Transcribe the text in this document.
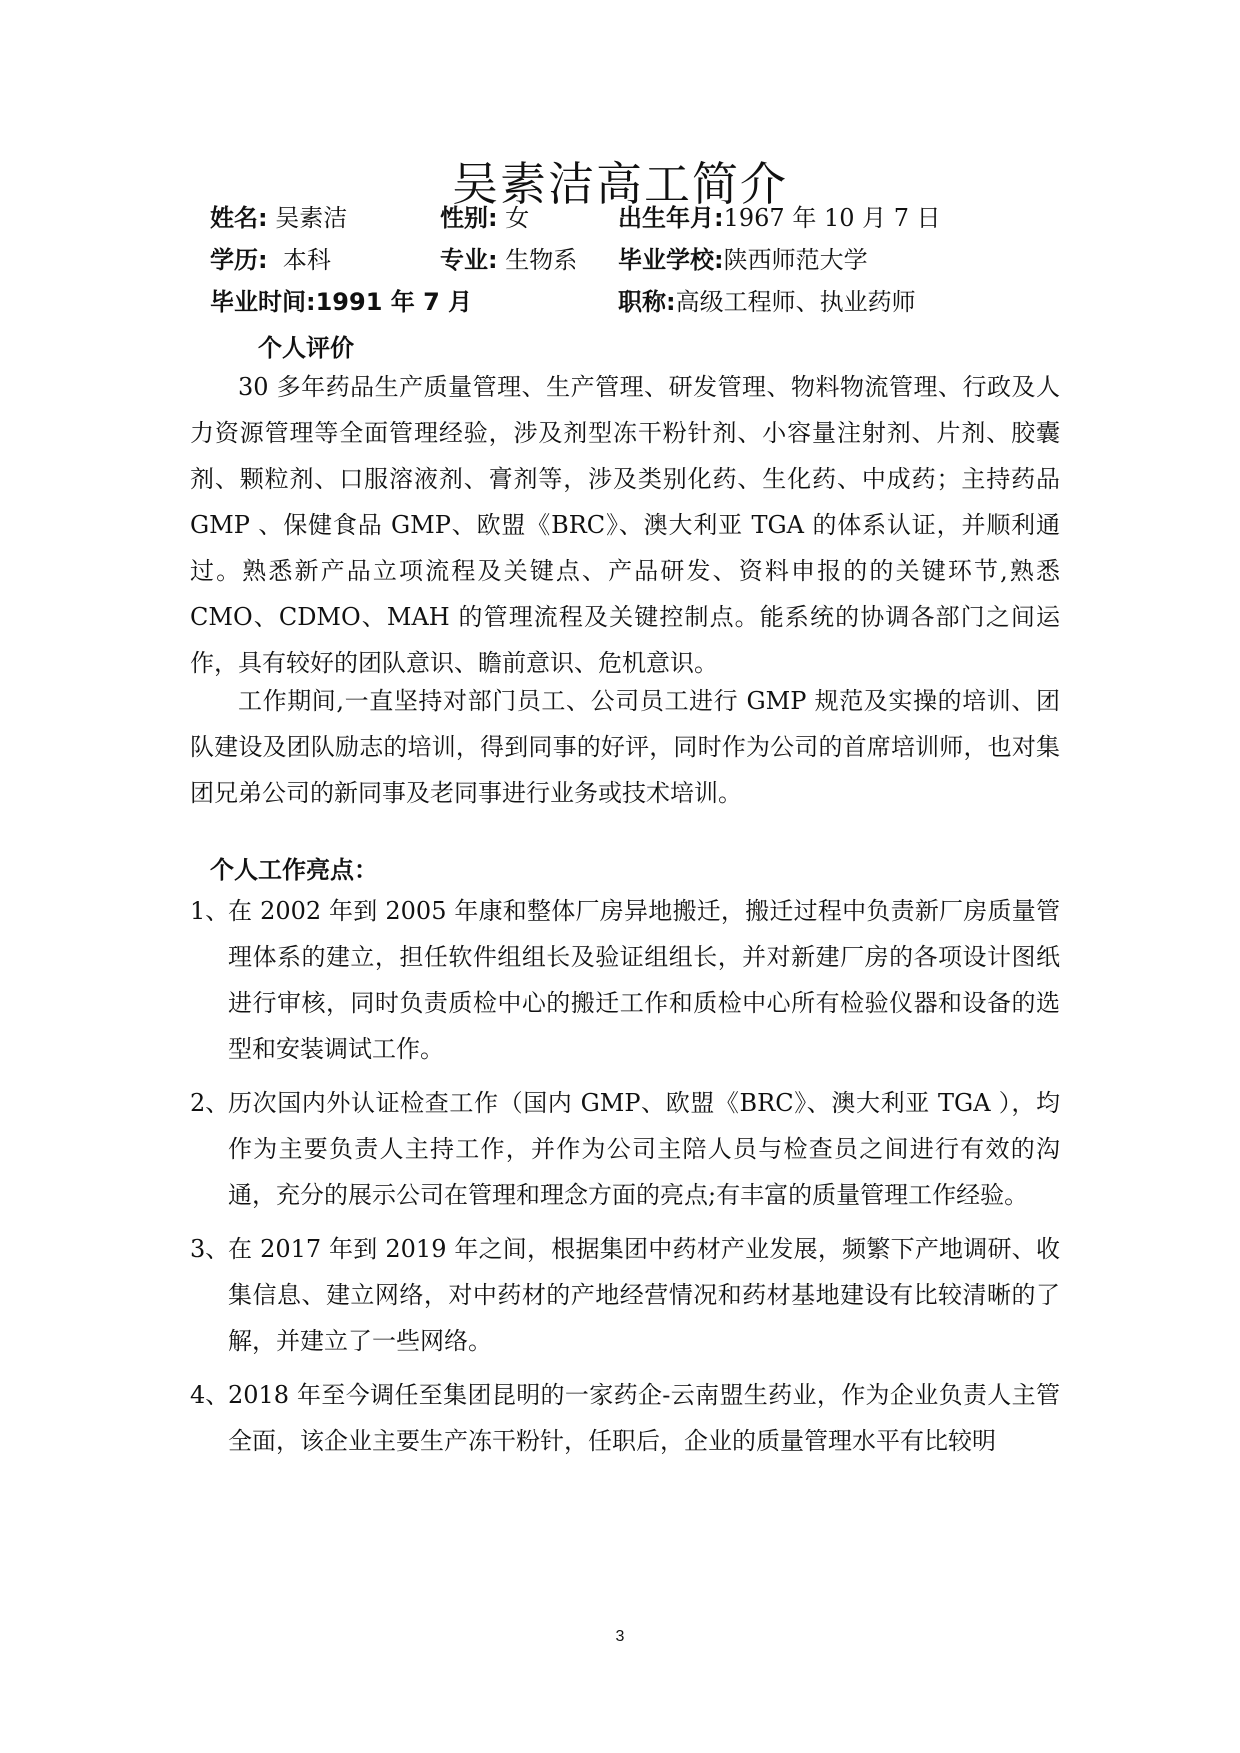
吴素洁高工简介
姓名: 吴素洁	性别: 女	出生年月:1967 年 10 月 7 日
学历: 本科	专业: 生物系 毕业学校:陕西师范大学
毕业时间:1991 年 7 月	职称:高级工程师、执业药师
个人评价

30 多年药品生产质量管理、生产管理、研发管理、物料物流管理、行政及人力资源管理等全面管理经验，涉及剂型冻干粉针剂、小容量注射剂、片剂、胶囊剂、颗粒剂、口服溶液剂、膏剂等，涉及类别化药、生化药、中成药；主持药品 GMP 、保健食品 GMP、欧盟《BRC》、澳大利亚 TGA 的体系认证，并顺利通过。熟悉新产品立项流程及关键点、产品研发、资料申报的的关键环节,熟悉 CMO、CDMO、MAH 的管理流程及关键控制点。能系统的协调各部门之间运作，具有较好的团队意识、瞻前意识、危机意识。

工作期间,一直坚持对部门员工、公司员工进行 GMP 规范及实操的培训、团队建设及团队励志的培训，得到同事的好评，同时作为公司的首席培训师，也对集团兄弟公司的新同事及老同事进行业务或技术培训。

个人工作亮点：
1、
在 2002 年到 2005 年康和整体厂房异地搬迁，搬迁过程中负责新厂房质量管理体系的建立，担任软件组组长及验证组组长，并对新建厂房的各项设计图纸进行审核，同时负责质检中心的搬迁工作和质检中心所有检验仪器和设备的选型和安装调试工作。
2、
历次国内外认证检查工作（国内 GMP、欧盟《BRC》、澳大利亚 TGA ），均作为主要负责人主持工作，并作为公司主陪人员与检查员之间进行有效的沟通，充分的展示公司在管理和理念方面的亮点;有丰富的质量管理工作经验。
3、
在 2017 年到 2019 年之间，根据集团中药材产业发展，频繁下产地调研、收集信息、建立网络，对中药材的产地经营情况和药材基地建设有比较清晰的了解，并建立了一些网络。
4、
2018 年至今调任至集团昆明的一家药企-云南盟生药业，作为企业负责人主管全面，该企业主要生产冻干粉针，任职后，企业的质量管理水平有比较明
3
